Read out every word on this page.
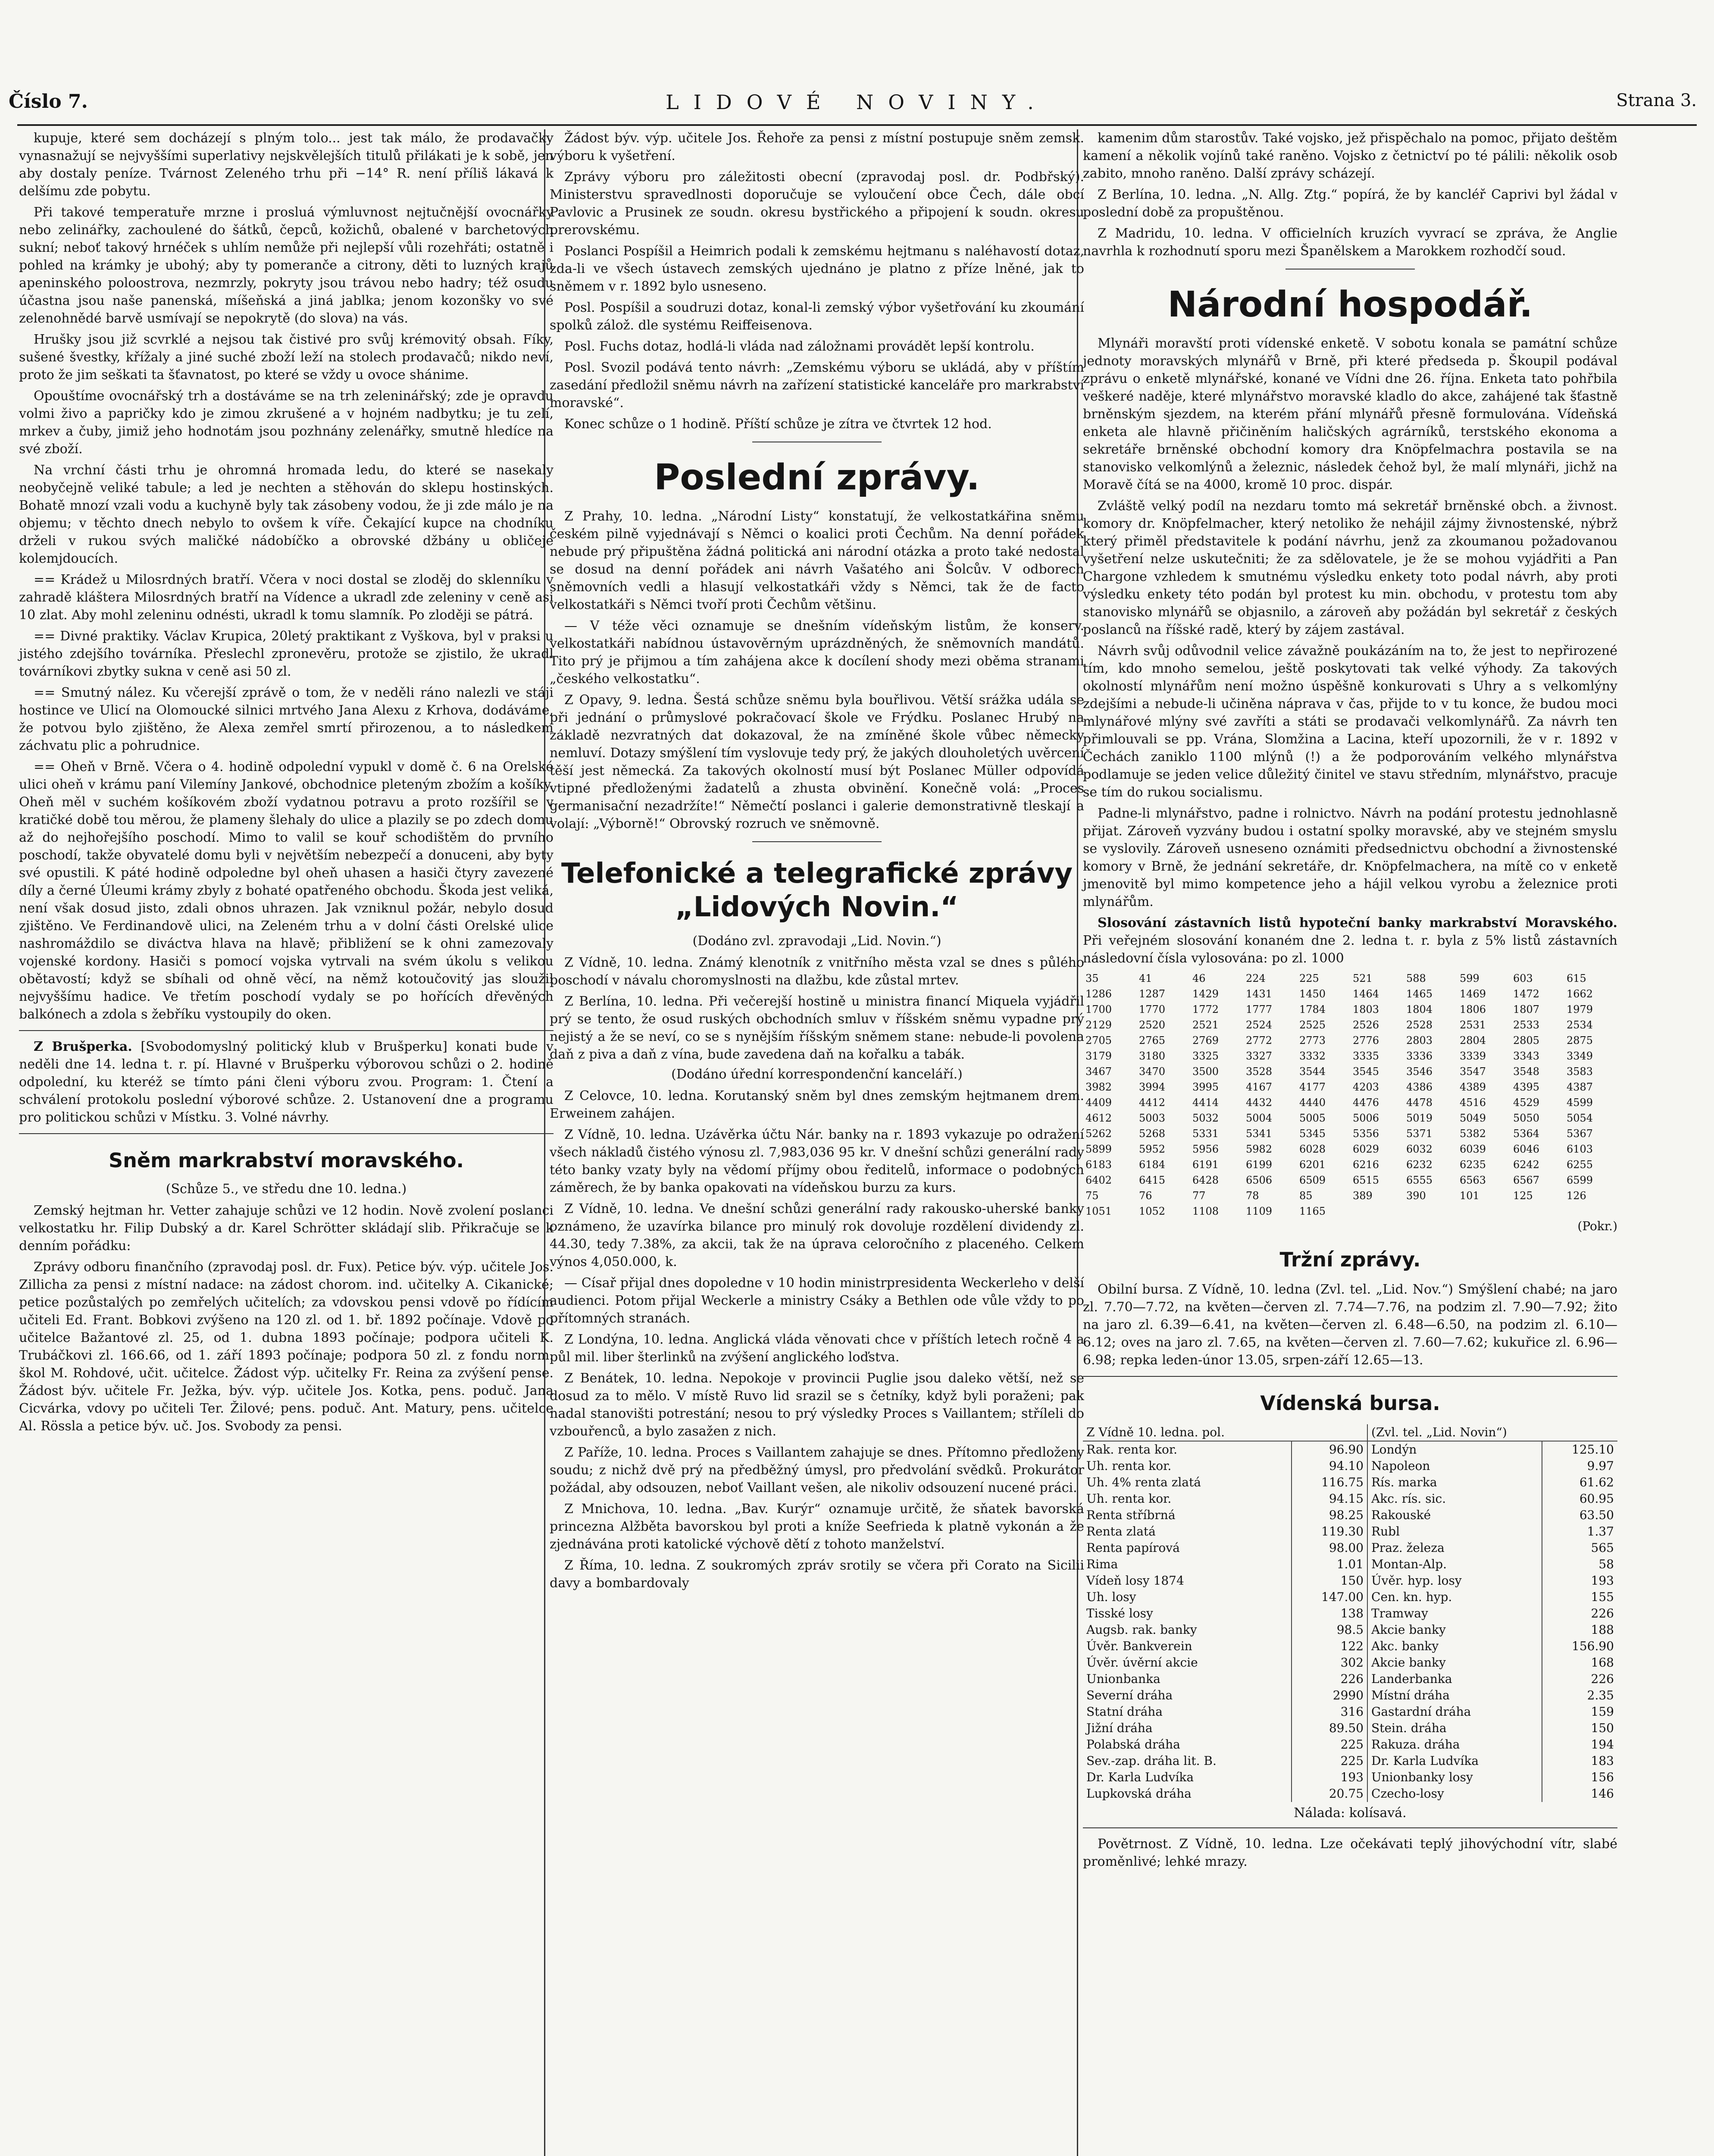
Číslo 7.	LIDOVÉ NOVINY.	Strana 3.

kupuje, které sem docházejí s plným tolo... jest tak málo, že prodavačky vynasnažují se nejvyššími superlativy nejskvělejších titulů přilákati je k sobě, jen aby dostaly peníze. Tvárnost Zeleného trhu při −14° R. není příliš lákavá k delšímu zde pobytu.

Při takové temperatuře mrzne i prosluá výmluvnost nejtučnější ovocnářky nebo zelinářky, zachoulené do šátků, čepců, kožichů, obalené v barchetových sukní; neboť takový hrnéček s uhlím nemůže při nejlepší vůli rozehřáti; ostatně i pohled na krámky je ubohý; aby ty pomeranče a citrony, děti to luzných krajů apeninského poloostrova, nezmrzly, pokryty jsou trávou nebo hadry; též osudu účastna jsou naše panenská, míšeňská a jiná jablka; jenom kozonšky vo své zelenohnědé barvě usmívají se nepokrytě (do slova) na vás.

Hrušky jsou již scvrklé a nejsou tak čistivé pro svůj krémovitý obsah. Fíky, sušené švestky, křížaly a jiné suché zboží leží na stolech prodavačů; nikdo neví, proto že jim seškati ta šťavnatost, po které se vždy u ovoce shánime.

Opouštíme ovocnářský trh a dostáváme se na trh zeleninářský; zde je opravdu volmi živo a papričky kdo je zimou zkrušené a v hojném nadbytku; je tu zelí, mrkev a čuby, jimiž jeho hodnotám jsou pozhnány zelenářky, smutně hledíce na své zboží.

Na vrchní části trhu je ohromná hromada ledu, do které se nasekaly neobyčejně veliké tabule; a led je nechten a stěhován do sklepu hostinských. Bohatě mnozí vzali vodu a kuchyně byly tak zásobeny vodou, že ji zde málo je na objemu; v těchto dnech nebylo to ovšem k víře. Čekající kupce na chodníku drželi v rukou svých maličké nádobíčko a obrovské džbány u obličeje kolemjdoucích.

== Krádež u Milosrdných bratří. Včera v noci dostal se zloděj do sklenníku v zahradě kláštera Milosrdných bratří na Vídence a ukradl zde zeleniny v ceně asi 10 zlat. Aby mohl zeleninu odnésti, ukradl k tomu slamník. Po zloději se pátrá.

== Divné praktiky. Václav Krupica, 20letý praktikant z Vyškova, byl v praksi u jistého zdejšího továrníka. Přeslechl zpronevěru, protože se zjistilo, že ukradl továrníkovi zbytky sukna v ceně asi 50 zl.

== Smutný nález. Ku včerejší zprávě o tom, že v neděli ráno nalezli ve stáji hostince ve Ulicí na Olomoucké silnici mrtvého Jana Alexu z Krhova, dodáváme, že potvou bylo zjištěno, že Alexa zemřel smrtí přirozenou, a to následkem záchvatu plic a pohrudnice.

== Oheň v Brně. Včera o 4. hodině odpolední vypukl v domě č. 6 na Orelské ulici oheň v krámu paní Vilemíny Jankové, obchodnice pleteným zbožím a košíky. Oheň měl v suchém košíkovém zboží vydatnou potravu a proto rozšířil se v kratičké době tou měrou, že plameny šlehaly do ulice a plazily se po zdech domu až do nejhořejšího poschodí. Mimo to valil se kouř schodištěm do prvního poschodí, takže obyvatelé domu byli v největším nebezpečí a donuceni, aby byty své opustili. K páté hodině odpoledne byl oheň uhasen a hasiči čtyry zavezené díly a černé Úleumi krámy zbyly z bohaté opatřeného obchodu. Škoda jest veliká, není však dosud jisto, zdali obnos uhrazen. Jak vzniknul požár, nebylo dosud zjištěno. Ve Ferdinandově ulici, na Zeleném trhu a v dolní části Orelské ulice nashromáždilo se diváctva hlava na hlavě; přibližení se k ohni zamezovaly vojenské kordony. Hasiči s pomocí vojska vytrvali na svém úkolu s velikou obětavostí; když se sbíhali od ohně věcí, na němž kotoučovitý jas sloužil nejvyššímu hadice. Ve třetím poschodí vydaly se po hořících dřevěných balkónech a zdola s žebříku vystoupily do oken.

Z Brušperka. [Svobodomyslný politický klub v Brušperku] konati bude v neděli dne 14. ledna t. r. pí. Hlavné v Brušperku výborovou schůzi o 2. hodině odpolední, ku kteréž se tímto páni členi výboru zvou. Program: 1. Čtení a schválení protokolu poslední výborové schůze. 2. Ustanovení dne a programu pro politickou schůzi v Místku. 3. Volné návrhy.

Sněm markrabství moravského.
(Schůze 5., ve středu dne 10. ledna.)

Zemský hejtman hr. Vetter zahajuje schůzi ve 12 hodin. Nově zvolení poslanci velkostatku hr. Filip Dubský a dr. Karel Schrötter skládají slib. Přikračuje se k denním pořádku:

Zprávy odboru finančního (zpravodaj posl. dr. Fux). Petice býv. výp. učitele Jos. Zillicha za pensi z místní nadace: na zádost chorom. ind. učitelky A. Cikanické; petice pozůstalých po zemřelých učitelích; za vdovskou pensi vdově po řídícím učiteli Ed. Frant. Bobkovi zvýšeno na 120 zl. od 1. bř. 1892 počínaje. Vdově po učitelce Bažantové zl. 25, od 1. dubna 1893 počínaje; podpora učiteli K. Trubáčkovi zl. 166.66, od 1. září 1893 počínaje; podpora 50 zl. z fondu norm. škol M. Rohdové, učit. učitelce. Žádost výp. učitelky Fr. Reina za zvýšení pense. Žádost býv. učitele Fr. Ježka, býv. výp. učitele Jos. Kotka, pens. poduč. Jana Cicvárka, vdovy po učiteli Ter. Žilové; pens. poduč. Ant. Matury, pens. učitelce Al. Rössla a petice býv. uč. Jos. Svobody za pensi.

Žádost býv. výp. učitele Jos. Řehoře za pensi z místní postupuje sněm zemsk. výboru k vyšetření.

Zprávy výboru pro záležitosti obecní (zpravodaj posl. dr. Podbřský). Ministerstvu spravedlnosti doporučuje se vyloučení obce Čech, dále obcí Pavlovic a Prusinek ze soudn. okresu bystřického a připojení k soudn. okresu prerovskému.

Poslanci Pospíšil a Heimrich podali k zemskému hejtmanu s naléhavostí dotaz, zda-li ve všech ústavech zemských ujednáno je platno z příze lněné, jak to sněmem v r. 1892 bylo usneseno.

Posl. Pospíšil a soudruzi dotaz, konal-li zemský výbor vyšetřování ku zkoumání spolků zálož. dle systému Reiffeisenova.

Posl. Fuchs dotaz, hodlá-li vláda nad záložnami provádět lepší kontrolu.

Posl. Svozil podává tento návrh: „Zemskému výboru se ukládá, aby v příštím zasedání předložil sněmu návrh na zařízení statistické kanceláře pro markrabství moravské“.

Konec schůze o 1 hodině. Příští schůze je zítra ve čtvrtek 12 hod.

Poslední zprávy.

Z Prahy, 10. ledna. „Národní Listy“ konstatují, že velkostatkářina sněmu českém pilně vyjednávají s Němci o koalici proti Čechům. Na denní pořádek nebude prý připuštěna žádná politická ani národní otázka a proto také nedostal se dosud na denní pořádek ani návrh Vašatého ani Šolcův. V odborech sněmovních vedli a hlasují velkostatkáři vždy s Němci, tak že de facto velkostatkáři s Němci tvoří proti Čechům většinu.

— V téže věci oznamuje se dnešním vídeňským listům, že konserv. velkostatkáři nabídnou ústavověrným uprázdněných, že sněmovních mandátů. Tito prý je přijmou a tím zahájena akce k docílení shody mezi oběma stranami „českého velkostatku“.

Z Opavy, 9. ledna. Šestá schůze sněmu byla bouřlivou. Větší srážka udála se při jednání o průmyslové pokračovací škole ve Frýdku. Poslanec Hrubý na základě nezvratných dat dokazoval, že na zmíněné škole vůbec německy nemluví. Dotazy smýšlení tím vyslovuje tedy prý, že jakých dlouholetých uvěrcení těší jest německá. Za takových okolností musí být Poslanec Müller odpovídá vtipné předloženými žadatelů a zhusta obvinění. Konečně volá: „Proces germanisační nezadržíte!“ Němečtí poslanci i galerie demonstrativně tleskají a volají: „Výborně!“ Obrovský rozruch ve sněmovně.

Telefonické a telegrafické zprávy „Lidových Novin.“
(Dodáno zvl. zpravodaji „Lid. Novin.“)

Z Vídně, 10. ledna. Známý klenotník z vnitřního města vzal se dnes s půlého poschodí v návalu choromyslnosti na dlažbu, kde zůstal mrtev.

Z Berlína, 10. ledna. Při večerejší hostině u ministra financí Miquela vyjádřil prý se tento, že osud ruských obchodních smluv v říšském sněmu vypadne prý nejistý a že se neví, co se s nynějším říšským sněmem stane: nebude-li povolena daň z piva a daň z vína, bude zavedena daň na kořalku a tabák.

(Dodáno úřední korrespondenční kanceláří.)

Z Celovce, 10. ledna. Korutanský sněm byl dnes zemským hejtmanem drem. Erweinem zahájen.

Z Vídně, 10. ledna. Uzávěrka účtu Nár. banky na r. 1893 vykazuje po odražení všech nákladů čistého výnosu zl. 7,983,036 95 kr. V dnešní schůzi generální rady této banky vzaty byly na vědomí příjmy obou ředitelů, informace o podobných záměrech, že by banka opakovati na vídeňskou burzu za kurs.

Z Vídně, 10. ledna. Ve dnešní schůzi generální rady rakousko-uherské banky oznámeno, že uzavírka bilance pro minulý rok dovoluje rozdělení dividendy zl. 44.30, tedy 7.38%, za akcii, tak že na úprava celoročního z placeného. Celkem výnos 4,050.000, k.

— Císař přijal dnes dopoledne v 10 hodin ministrpresidenta Weckerleho v delší audienci. Potom přijal Weckerle a ministry Csáky a Bethlen ode vůle vždy to po přítomných stranách.

Z Londýna, 10. ledna. Anglická vláda věnovati chce v příštích letech ročně 4 a půl mil. liber šterlinků na zvýšení anglického loďstva.

Z Benátek, 10. ledna. Nepokoje v provincii Puglie jsou daleko větší, než se dosud za to mělo. V místě Ruvo lid srazil se s četníky, když byli poraženi; pak nadal stanovišti potrestání; nesou to prý výsledky Proces s Vaillantem; stříleli do vzbouřenců, a bylo zasažen z nich.

Z Paříže, 10. ledna. Proces s Vaillantem zahajuje se dnes. Přítomno předloženy soudu; z nichž dvě prý na předběžný úmysl, pro předvolání svědků. Prokurátor požádal, aby odsouzen, neboť Vaillant vešen, ale nikoliv odsouzení nucené práci.

Z Mnichova, 10. ledna. „Bav. Kurýr“ oznamuje určitě, že sňatek bavorská princezna Alžběta bavorskou byl proti a kníže Seefrieda k platně vykonán a že zjednávána proti katolické výchově dětí z tohoto manželství.

Z Říma, 10. ledna. Z soukromých zpráv srotily se včera při Corato na Sicilii davy a bombardovaly

kamenim dům starostův. Také vojsko, jež přispěchalo na pomoc, přijato deštěm kamení a několik vojínů také raněno. Vojsko z četnictví po té pálili: několik osob zabito, mnoho raněno. Další zprávy scházejí.

Z Berlína, 10. ledna. „N. Allg. Ztg.“ popírá, že by kancléř Caprivi byl žádal v poslední době za propuštěnou.

Z Madridu, 10. ledna. V officielních kruzích vyvrací se zpráva, že Anglie navrhla k rozhodnutí sporu mezi Španělskem a Marokkem rozhodčí soud.

Národní hospodář.

Mlynáři moravští proti vídenské enketě. V sobotu konala se památní schůze jednoty moravských mlynářů v Brně, při které předseda p. Škoupil podával zprávu o enketě mlynářské, konané ve Vídni dne 26. října. Enketa tato pohřbila veškeré naděje, které mlynářstvo moravské kladlo do akce, zahájené tak šťastně brněnským sjezdem, na kterém přání mlynářů přesně formulována. Vídeňská enketa ale hlavně přičiněním haličských agrárníků, terstského ekonoma a sekretáře brněnské obchodní komory dra Knöpfelmachra postavila se na stanovisko velkomlýnů a železnic, následek čehož byl, že malí mlynáři, jichž na Moravě čítá se na 4000, kromě 10 proc. dispár.

Zvláště velký podíl na nezdaru tomto má sekretář brněnské obch. a živnost. komory dr. Knöpfelmacher, který netoliko že nehájil zájmy živnostenské, nýbrž který přiměl představitele k podání návrhu, jenž za zkoumanou požadovanou vyšetření nelze uskutečniti; že za sdělovatele, je že se mohou vyjádřiti a Pan Chargone vzhledem k smutnému výsledku enkety toto podal návrh, aby proti výsledku enkety této podán byl protest ku min. obchodu, v protestu tom aby stanovisko mlynářů se objasnilo, a zároveň aby požádán byl sekretář z českých poslanců na říšské radě, který by zájem zastával.

Návrh svůj odůvodnil velice závažně poukázáním na to, že jest to nepřirozené tím, kdo mnoho semelou, ještě poskytovati tak velké výhody. Za takových okolností mlynářům není možno úspěšně konkurovati s Uhry a s velkomlýny zdejšími a nebude-li učiněna náprava v čas, přijde to v tu konce, že budou moci mlynářové mlýny své zavříti a státi se prodavači velkomlynářů. Za návrh ten přimlouvali se pp. Vrána, Slomžina a Lacina, kteří upozornili, že v r. 1892 v Čechách zaniklo 1100 mlýnů (!) a že podporováním velkého mlynářstva podlamuje se jeden velice důležitý činitel ve stavu středním, mlynářstvo, pracuje se tím do rukou socialismu.

Padne-li mlynářstvo, padne i rolnictvo. Návrh na podání protestu jednohlasně přijat. Zároveň vyzvány budou i ostatní spolky moravské, aby ve stejném smyslu se vyslovily. Zároveň usneseno oznámiti předsednictvu obchodní a živnostenské komory v Brně, že jednání sekretáře, dr. Knöpfelmachera, na mítě co v enketě jmenovitě byl mimo kompetence jeho a hájil velkou vyrobu a železnice proti mlynářům.

Slosování zástavních listů hypoteční banky markrabství Moravského. Při veřejném slosování konaném dne 2. ledna t. r. byla z 5% listů zástavních následovní čísla vylosována: po zl. 1000

35	41	46	224	225	521	588	599	603	615
1286	1287	1429	1431	1450	1464	1465	1469	1472	1662
1700	1770	1772	1777	1784	1803	1804	1806	1807	1979
2129	2520	2521	2524	2525	2526	2528	2531	2533	2534
2705	2765	2769	2772	2773	2776	2803	2804	2805	2875
3179	3180	3325	3327	3332	3335	3336	3339	3343	3349
3467	3470	3500	3528	3544	3545	3546	3547	3548	3583
3982	3994	3995	4167	4177	4203	4386	4389	4395	4387
4409	4412	4414	4432	4440	4476	4478	4516	4529	4599
4612	5003	5032	5004	5005	5006	5019	5049	5050	5054
5262	5268	5331	5341	5345	5356	5371	5382	5364	5367
5899	5952	5956	5982	6028	6029	6032	6039	6046	6103
6183	6184	6191	6199	6201	6216	6232	6235	6242	6255
6402	6415	6428	6506	6509	6515	6555	6563	6567	6599
75	76	77	78	85	389	390	101	125	126
1051	1052	1108	1109	1165					
(Pokr.)
Tržní zprávy.

Obilní bursa. Z Vídně, 10. ledna (Zvl. tel. „Lid. Nov.“) Smýšlení chabé; na jaro zl. 7.70—7.72, na květen—červen zl. 7.74—7.76, na podzim zl. 7.90—7.92; žito na jaro zl. 6.39—6.41, na květen—červen zl. 6.48—6.50, na podzim zl. 6.10—6.12; oves na jaro zl. 7.65, na květen—červen zl. 7.60—7.62; kukuřice zl. 6.96—6.98; repka leden-únor 13.05, srpen-září 12.65—13.

Vídenská bursa.
Z Vídně 10. ledna. pol.		(Zvl. tel. „Lid. Novin“)	
Rak. renta kor.	96.90	Londýn	125.10
Uh. renta kor.	94.10	Napoleon	9.97
Uh. 4% renta zlatá	116.75	Rís. marka	61.62
Uh. renta kor.	94.15	Akc. rís. sic.	60.95
Renta stříbrná	98.25	Rakouské	63.50
Renta zlatá	119.30	Rubl	1.37
Renta papírová	98.00	Praz. železa	565
Rima	1.01	Montan-Alp.	58
Vídeň losy 1874	150	Úvěr. hyp. losy	193
Uh. losy	147.00	Cen. kn. hyp.	155
Tisské losy	138	Tramway	226
Augsb. rak. banky	98.5	Akcie banky	188
Úvěr. Bankverein	122	Akc. banky	156.90
Úvěr. úvěrní akcie	302	Akcie banky	168
Unionbanka	226	Landerbanka	226
Severní dráha	2990	Místní dráha	2.35
Statní dráha	316	Gastardní dráha	159
Jižní dráha	89.50	Stein. dráha	150
Polabská dráha	225	Rakuza. dráha	194
Sev.-zap. dráha lit. B.	225	Dr. Karla Ludvíka	183
Dr. Karla Ludvíka	193	Unionbanky losy	156
Lupkovská dráha	20.75	Czecho-losy	146
Nálada: kolísavá.

Povětrnost. Z Vídně, 10. ledna. Lze očekávati teplý jihovýchodní vítr, slabé proměnlivé; lehké mrazy.
